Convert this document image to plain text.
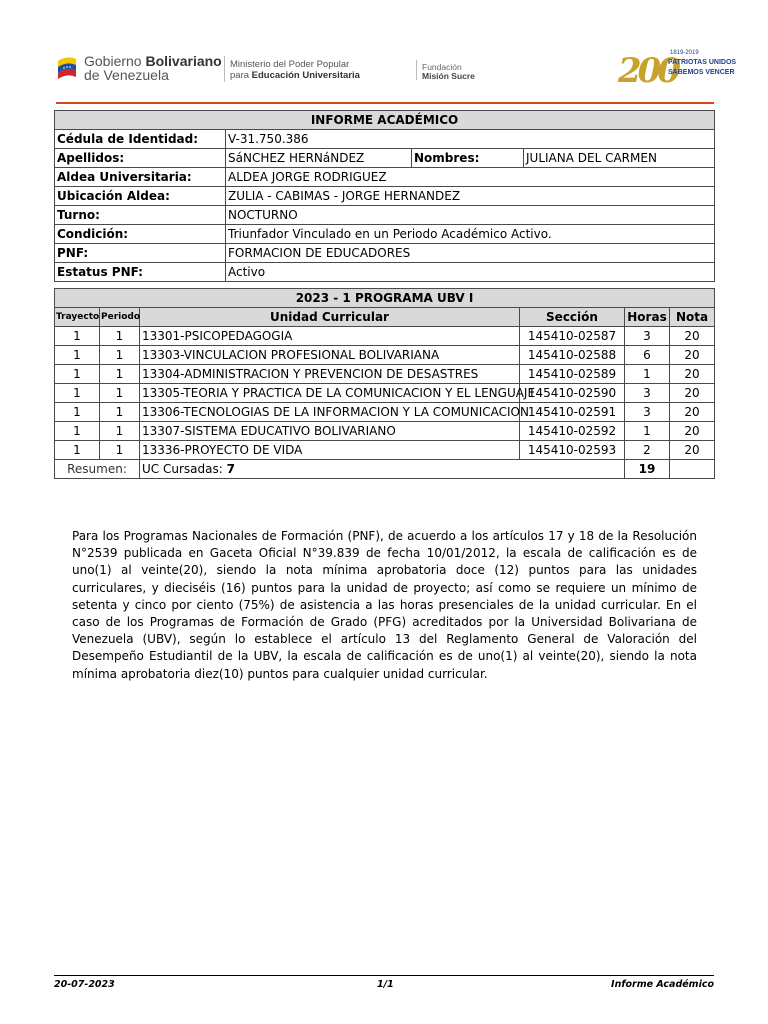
Gobierno Bolivariano
de Venezuela
Ministerio del Poder Popular
para Educación Universitaria
Fundación
Misión Sucre	200
1819-2019
PATRIOTAS UNIDOS
SABEMOS VENCER
INFORME ACADÉMICO			
Cédula de Identidad:	V-31.750.386		
Apellidos:	SáNCHEZ HERNáNDEZ	Nombres:	JULIANA DEL CARMEN
Aldea Universitaria:	ALDEA JORGE RODRIGUEZ		
Ubicación Aldea:	ZULIA - CABIMAS - JORGE HERNANDEZ		
Turno:	NOCTURNO		
Condición:	Triunfador Vinculado en un Periodo Académico Activo.		
PNF:	FORMACION DE EDUCADORES		
Estatus PNF:	Activo		
2023 - 1 PROGRAMA UBV I					
Trayecto	Periodo	Unidad Curricular	Sección	Horas	Nota
1	1	13301-PSICOPEDAGOGIA	145410-02587	3	20
1	1	13303-VINCULACION PROFESIONAL BOLIVARIANA	145410-02588	6	20
1	1	13304-ADMINISTRACION Y PREVENCION DE DESASTRES	145410-02589	1	20
1	1	13305-TEORIA Y PRACTICA DE LA COMUNICACION Y EL LENGUAJE	145410-02590	3	20
1	1	13306-TECNOLOGIAS DE LA INFORMACION Y LA COMUNICACION	145410-02591	3	20
1	1	13307-SISTEMA EDUCATIVO BOLIVARIANO	145410-02592	1	20
1	1	13336-PROYECTO DE VIDA	145410-02593	2	20
Resumen:		UC Cursadas: 7		19	
Para los Programas Nacionales de Formación (PNF), de acuerdo a los artículos 17 y 18 de la Resolución N°2539 publicada en Gaceta Oficial N°39.839 de fecha 10/01/2012, la escala de calificación es de uno(1) al veinte(20), siendo la nota mínima aprobatoria doce (12) puntos para las unidades curriculares, y dieciséis (16) puntos para la unidad de proyecto; así como se requiere un mínimo de setenta y cinco por ciento (75%) de asistencia a las horas presenciales de la unidad curricular. En el caso de los Programas de Formación de Grado (PFG) acreditados por la Universidad Bolivariana de Venezuela (UBV), según lo establece el artículo 13 del Reglamento General de Valoración del Desempeño Estudiantil de la UBV, la escala de calificación es de uno(1) al veinte(20), siendo la nota mínima aprobatoria diez(10) puntos para cualquier unidad curricular.
20-07-2023	1/1	Informe Académico
